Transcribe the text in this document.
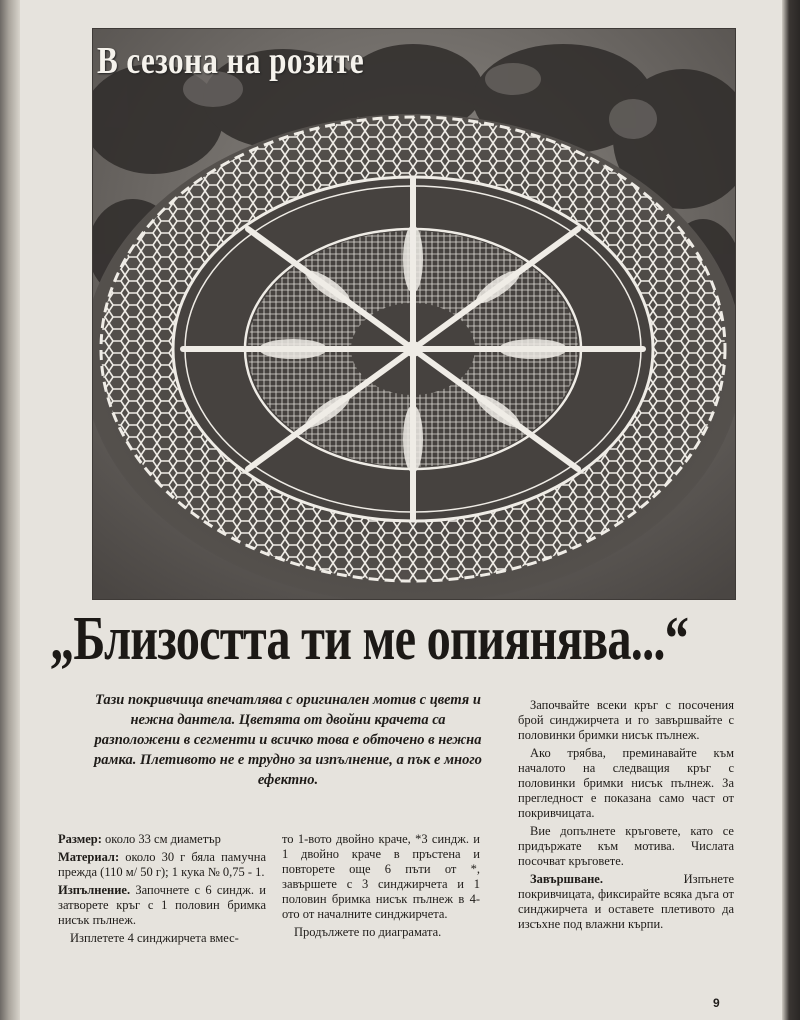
В сезона на розите
„Близостта ти ме опиянява...“

Тази покривчица впечатлява с оригинален мотив с цветя и нежна дантела. Цветята от двойни крачета са разположени в сегменти и всичко това е обточено в нежна рамка. Плетивото не е трудно за изпълнение, а пък е много ефектно.

Размер: около 33 см диаметър

Материал: около 30 г бяла памучна прежда (110 м/ 50 г); 1 кука № 0,75 - 1.

Изпълнение. Започнете с 6 синдж. и затворете кръг с 1 половин бримка нисък пълнеж.

Изплетете 4 синджирчета вмес-

то 1-вото двойно краче, *3 синдж. и 1 двойно краче в пръстена и повторете още 6 пъти от *, завършете с 3 синджирчета и 1 половин бримка нисък пълнеж в 4-ото от началните синджирчета.

Продължете по диаграмата.

Започвайте всеки кръг с посочения брой синджирчета и го завършвайте с половинки бримки нисък пълнеж.

Ако трябва, преминавайте към началото на следващия кръг с половинки бримки нисък пълнеж. За прегледност е показана само част от покривчицата.

Вие допълнете кръговете, като се придържате към мотива. Числата посочват кръговете.

Завършване. Изпънете покривчицата, фиксирайте всяка дъга от синджирчета и оставете плетивото да изсъхне под влажни кърпи.

9
